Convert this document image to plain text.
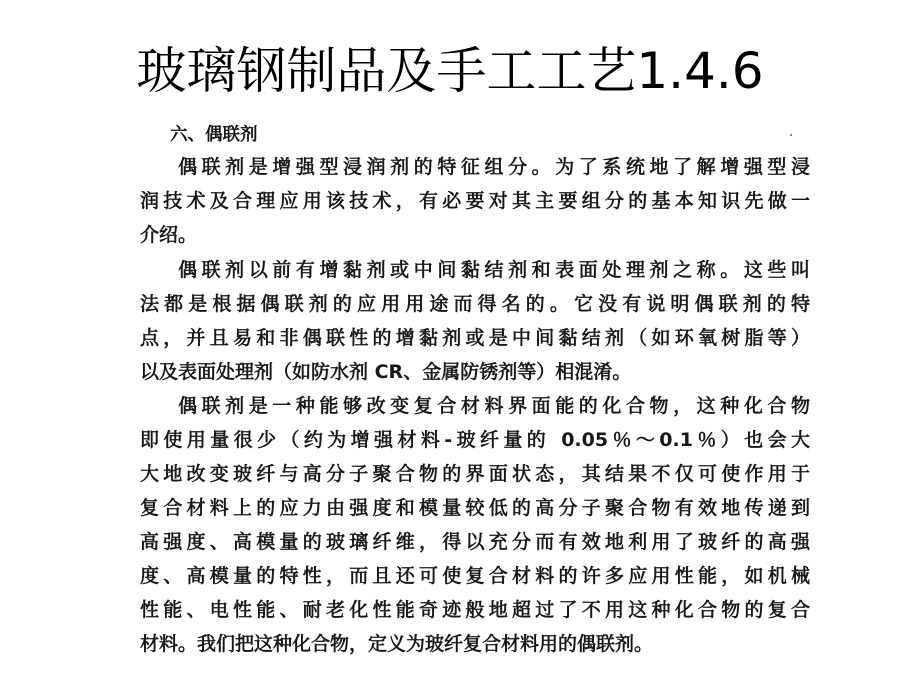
玻璃钢制品及手工工艺1.4.6
六、偶联剂
偶联剂是增强型浸润剂的特征组分。为了系统地了解增强型浸
润技术及合理应用该技术，有必要对其主要组分的基本知识先做一
介绍。
偶联剂以前有增黏剂或中间黏结剂和表面处理剂之称。这些叫
法都是根据偶联剂的应用用途而得名的。它没有说明偶联剂的特
点，并且易和非偶联性的增黏剂或是中间黏结剂（如环氧树脂等）
以及表面处理剂（如防水剂 CR、金属防锈剂等）相混淆。
偶联剂是一种能够改变复合材料界面能的化合物，这种化合物
即使用量很少（约为增强材料-玻纤量的 0.05％～0.1％）也会大
大地改变玻纤与高分子聚合物的界面状态，其结果不仅可使作用于
复合材料上的应力由强度和模量较低的高分子聚合物有效地传递到
高强度、高模量的玻璃纤维，得以充分而有效地利用了玻纤的高强
度、高模量的特性，而且还可使复合材料的许多应用性能，如机械
性能、电性能、耐老化性能奇迹般地超过了不用这种化合物的复合
材料。我们把这种化合物，定义为玻纤复合材料用的偶联剂。
